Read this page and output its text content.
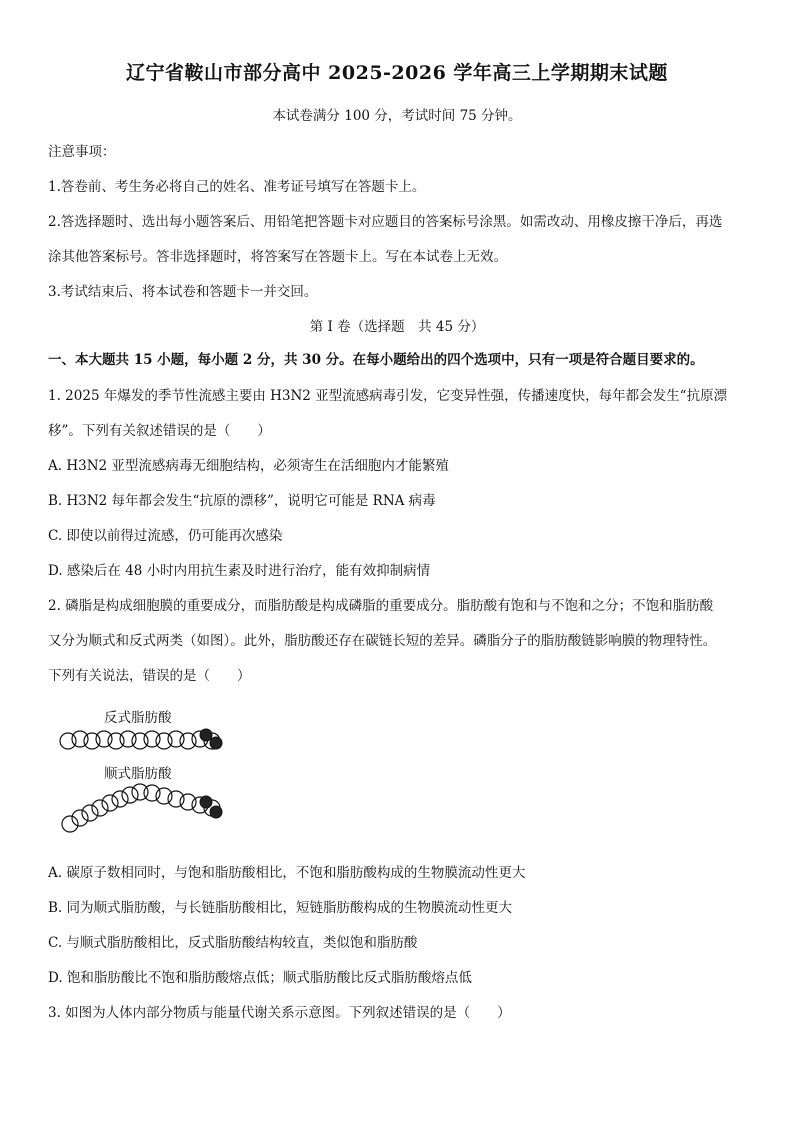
辽宁省鞍山市部分高中 2025-2026 学年高三上学期期末试题
本试卷满分 100 分，考试时间 75 分钟。
注意事项：
1.答卷前、考生务必将自己的姓名、准考证号填写在答题卡上。
2.答选择题时、选出每小题答案后、用铅笔把答题卡对应题目的答案标号涂黑。如需改动、用橡皮擦干净后，再选
涂其他答案标号。答非选择题时，将答案写在答题卡上。写在本试卷上无效。
3.考试结束后、将本试卷和答题卡一并交回。
第 I 卷（选择题　共 45 分）
一、本大题共 15 小题，每小题 2 分，共 30 分。在每小题给出的四个选项中，只有一项是符合题目要求的。
1. 2025 年爆发的季节性流感主要由 H3N2 亚型流感病毒引发，它变异性强，传播速度快，每年都会发生“抗原漂
移”。下列有关叙述错误的是（　　）
A. H3N2 亚型流感病毒无细胞结构，必须寄生在活细胞内才能繁殖
B. H3N2 每年都会发生“抗原的漂移”，说明它可能是 RNA 病毒
C. 即使以前得过流感，仍可能再次感染
D. 感染后在 48 小时内用抗生素及时进行治疗，能有效抑制病情
2. 磷脂是构成细胞膜的重要成分，而脂肪酸是构成磷脂的重要成分。脂肪酸有饱和与不饱和之分；不饱和脂肪酸
又分为顺式和反式两类（如图）。此外，脂肪酸还存在碳链长短的差异。磷脂分子的脂肪酸链影响膜的物理特性。
下列有关说法，错误的是（　　）
反式脂肪酸
顺式脂肪酸
A. 碳原子数相同时，与饱和脂肪酸相比，不饱和脂肪酸构成的生物膜流动性更大
B. 同为顺式脂肪酸，与长链脂肪酸相比，短链脂肪酸构成的生物膜流动性更大
C. 与顺式脂肪酸相比，反式脂肪酸结构较直，类似饱和脂肪酸
D. 饱和脂肪酸比不饱和脂肪酸熔点低；顺式脂肪酸比反式脂肪酸熔点低
3. 如图为人体内部分物质与能量代谢关系示意图。下列叙述错误的是（　　）
